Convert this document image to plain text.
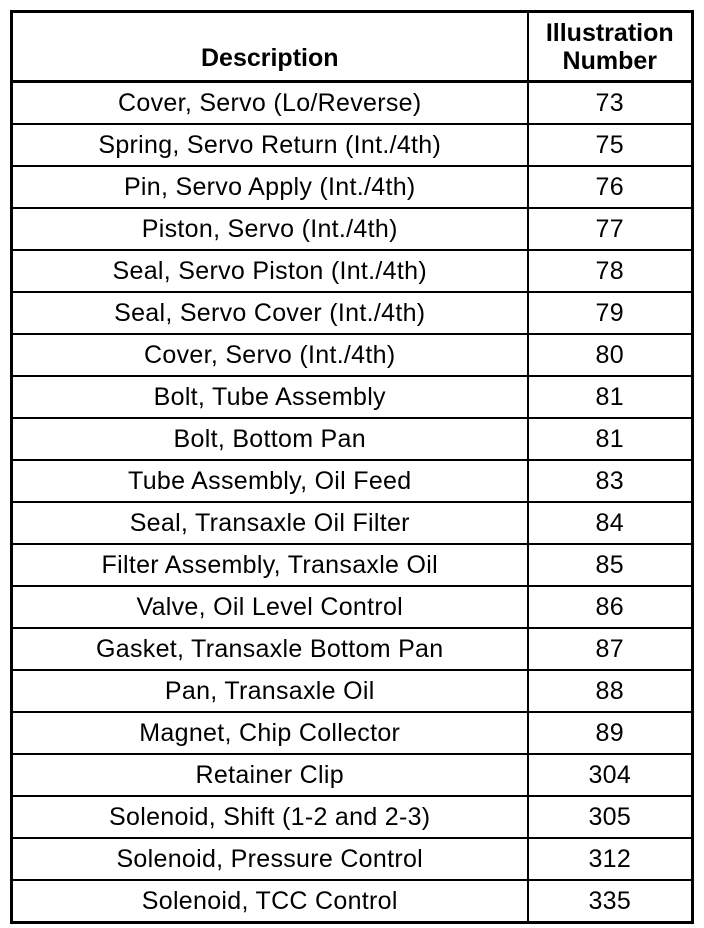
Description	Illustration
Number
Cover, Servo (Lo/Reverse)	73
Spring, Servo Return (Int./4th)	75
Pin, Servo Apply (Int./4th)	76
Piston, Servo (Int./4th)	77
Seal, Servo Piston (Int./4th)	78
Seal, Servo Cover (Int./4th)	79
Cover, Servo (Int./4th)	80
Bolt, Tube Assembly	81
Bolt, Bottom Pan	81
Tube Assembly, Oil Feed	83
Seal, Transaxle Oil Filter	84
Filter Assembly, Transaxle Oil	85
Valve, Oil Level Control	86
Gasket, Transaxle Bottom Pan	87
Pan, Transaxle Oil	88
Magnet, Chip Collector	89
Retainer Clip	304
Solenoid, Shift (1-2 and 2-3)	305
Solenoid, Pressure Control	312
Solenoid, TCC Control	335
